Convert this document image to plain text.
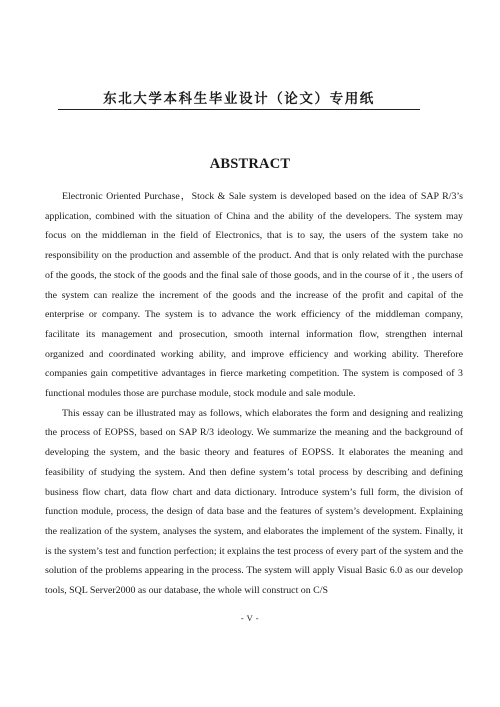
东北大学本科生毕业设计（论文）专用纸
ABSTRACT

Electronic Oriented Purchase，Stock & Sale system is developed based on the idea of SAP R/3’s application, combined with the situation of China and the ability of the developers. The system may focus on the middleman in the field of Electronics, that is to say, the users of the system take no responsibility on the production and assemble of the product. And that is only related with the purchase of the goods, the stock of the goods and the final sale of those goods, and in the course of it , the users of the system can realize the increment of the goods and the increase of the profit and capital of the enterprise or company. The system is to advance the work efficiency of the middleman company, facilitate its management and prosecution, smooth internal information flow, strengthen internal organized and coordinated working ability, and improve efficiency and working ability. Therefore companies gain competitive advantages in fierce marketing competition. The system is composed of 3 functional modules those are purchase module, stock module and sale module.

This essay can be illustrated may as follows, which elaborates the form and designing and realizing the process of EOPSS, based on SAP R/3 ideology. We summarize the meaning and the background of developing the system, and the basic theory and features of EOPSS. It elaborates the meaning and feasibility of studying the system. And then define system’s total process by describing and defining business flow chart, data flow chart and data dictionary. Introduce system’s full form, the division of function module, process, the design of data base and the features of system’s development. Explaining the realization of the system, analyses the system, and elaborates the implement of the system. Finally, it is the system’s test and function perfection; it explains the test process of every part of the system and the solution of the problems appearing in the process. The system will apply Visual Basic 6.0 as our develop tools, SQL Server2000 as our database, the whole will construct on C/S

- V -
